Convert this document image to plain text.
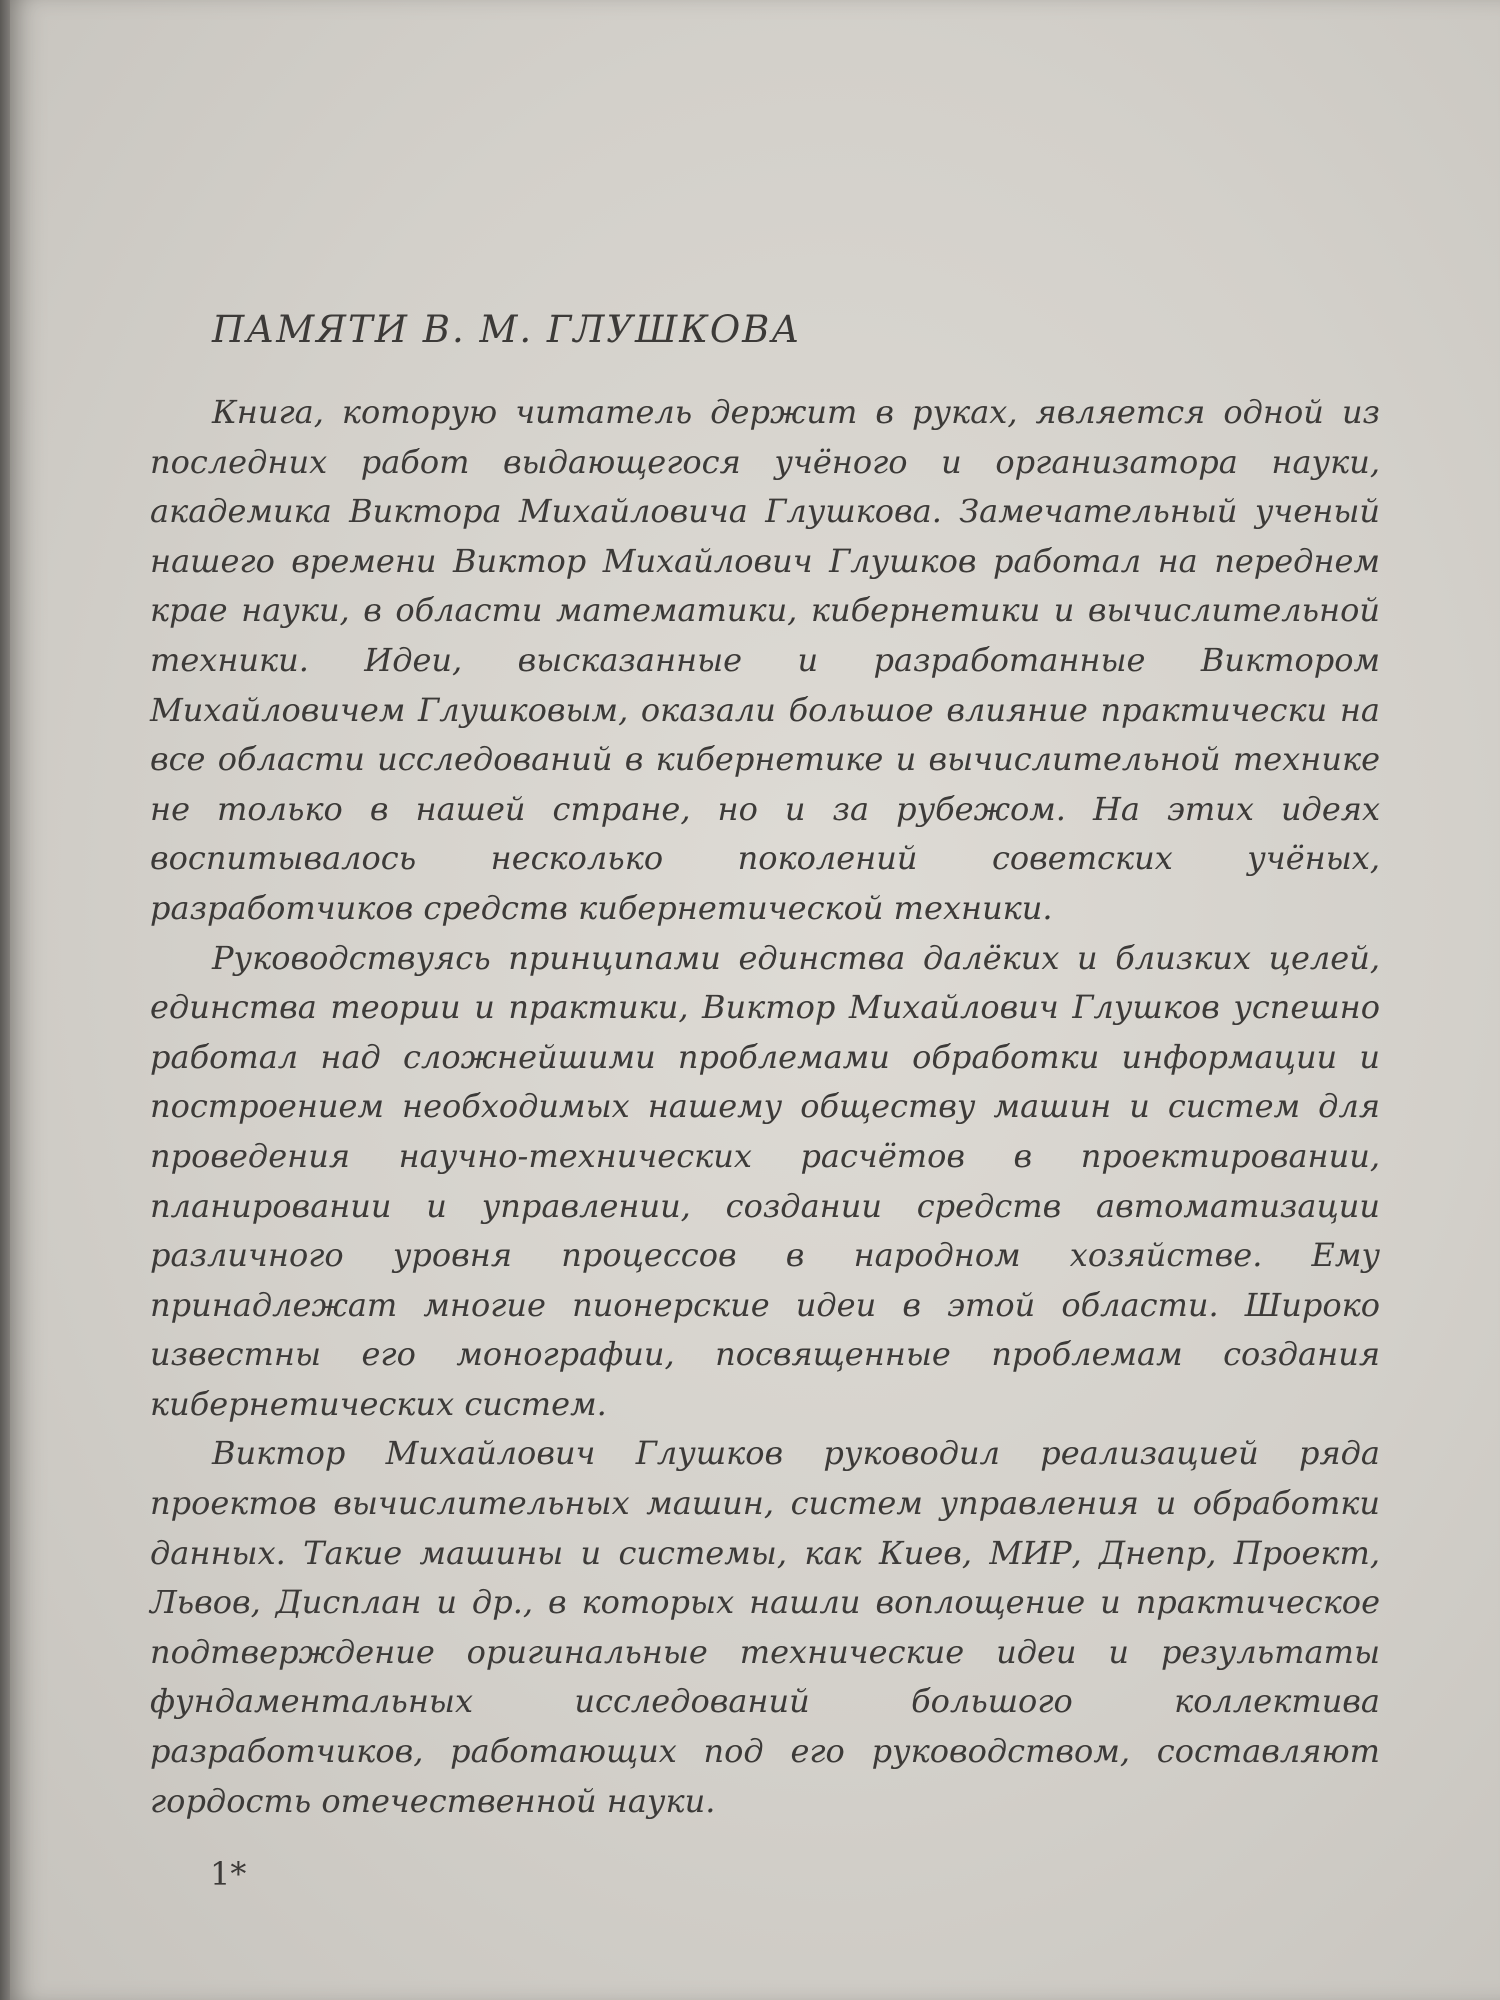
ПАМЯТИ В. М. ГЛУШКОВА

Книга, которую читатель держит в руках, является одной из последних работ выдающегося учёного и организатора науки, академика Виктора Михайловича Глушкова. Замечательный ученый нашего времени Виктор Михайлович Глушков работал на переднем крае науки, в области математики, кибернетики и вычислительной техники. Идеи, высказанные и разработанные Виктором Михайловичем Глушковым, оказали большое влияние практически на все области исследований в кибернетике и вычислительной технике не только в нашей стране, но и за рубежом. На этих идеях воспитывалось несколько поколений советских учёных, разработчиков средств кибернетической техники.

Руководствуясь принципами единства далёких и близких целей, единства теории и практики, Виктор Михайлович Глушков успешно работал над сложнейшими проблемами обработки информации и построением необходимых нашему обществу машин и систем для проведения научно-технических расчётов в проектировании, планировании и управлении, создании средств автоматизации различного уровня процессов в народном хозяйстве. Ему принадлежат многие пионерские идеи в этой области. Широко известны его монографии, посвященные проблемам создания кибернетических систем.

Виктор Михайлович Глушков руководил реализацией ряда проектов вычислительных машин, систем управления и обработки данных. Такие машины и системы, как Киев, МИР, Днепр, Проект, Львов, Дисплан и др., в которых нашли воплощение и практическое подтверждение оригинальные технические идеи и результаты фундаментальных исследований большого коллектива разработчиков, работающих под его руководством, составляют гордость отечественной науки.

1*
